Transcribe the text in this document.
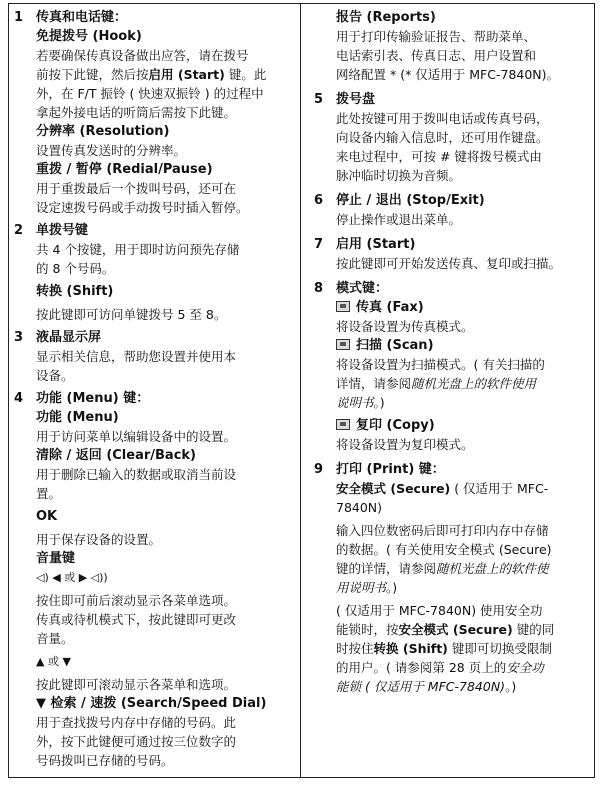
1 传真和电话键：

免提拨号 (Hook)

若要确保传真设备做出应答，请在拨号
前按下此键，然后按启用 (Start) 键。此
外，在 F/T 振铃 ( 快速双振铃 ) 的过程中
拿起外接电话的听筒后需按下此键。

分辨率 (Resolution)

设置传真发送时的分辨率。

重拨 / 暂停 (Redial/Pause)

用于重拨最后一个拨叫号码，还可在
设定速拨号码或手动拨号时插入暂停。

2 单拨号键

共 4 个按键，用于即时访问预先存储
的 8 个号码。

转换 (Shift)

按此键即可访问单键拨号 5 至 8。

3 液晶显示屏

显示相关信息，帮助您设置并使用本
设备。

4 功能 (Menu) 键：

功能 (Menu)

用于访问菜单以编辑设备中的设置。

清除 / 返回 (Clear/Back)

用于删除已输入的数据或取消当前设
置。

OK

用于保存设备的设置。

音量键

◁) ◀ 或 ▶ ◁))

按住即可前后滚动显示各菜单选项。
传真或待机模式下，按此键即可更改
音量。

▲ 或 ▼

按此键即可滚动显示各菜单和选项。

▼ 检索 / 速拨 (Search/Speed Dial)

用于查找拨号内存中存储的号码。此
外，按下此键便可通过按三位数字的
号码拨叫已存储的号码。

报告 (Reports)

用于打印传输验证报告、帮助菜单、
电话索引表、传真日志、用户设置和
网络配置 * (* 仅适用于 MFC-7840N)。

5 拨号盘

此处按键可用于拨叫电话或传真号码，
向设备内输入信息时，还可用作键盘。
来电过程中，可按 # 键将拨号模式由
脉冲临时切换为音频。

6 停止 / 退出 (Stop/Exit)

停止操作或退出菜单。

7 启用 (Start)

按此键即可开始发送传真、复印或扫描。

8 模式键：

传真 (Fax)

将设备设置为传真模式。

扫描 (Scan)

将设备设置为扫描模式。( 有关扫描的
详情，请参阅随机光盘上的软件使用
说明书。)

复印 (Copy)

将设备设置为复印模式。

9 打印 (Print) 键：

安全模式 (Secure) ( 仅适用于 MFC-
7840N)

输入四位数密码后即可打印内存中存储
的数据。( 有关使用安全模式 (Secure)
键的详情，请参阅随机光盘上的软件使
用说明书。)

( 仅适用于 MFC-7840N) 使用安全功
能锁时，按安全模式 (Secure) 键的同
时按住转换 (Shift) 键即可切换受限制
的用户。( 请参阅第 28 页上的安全功
能锁 ( 仅适用于 MFC-7840N)。)
